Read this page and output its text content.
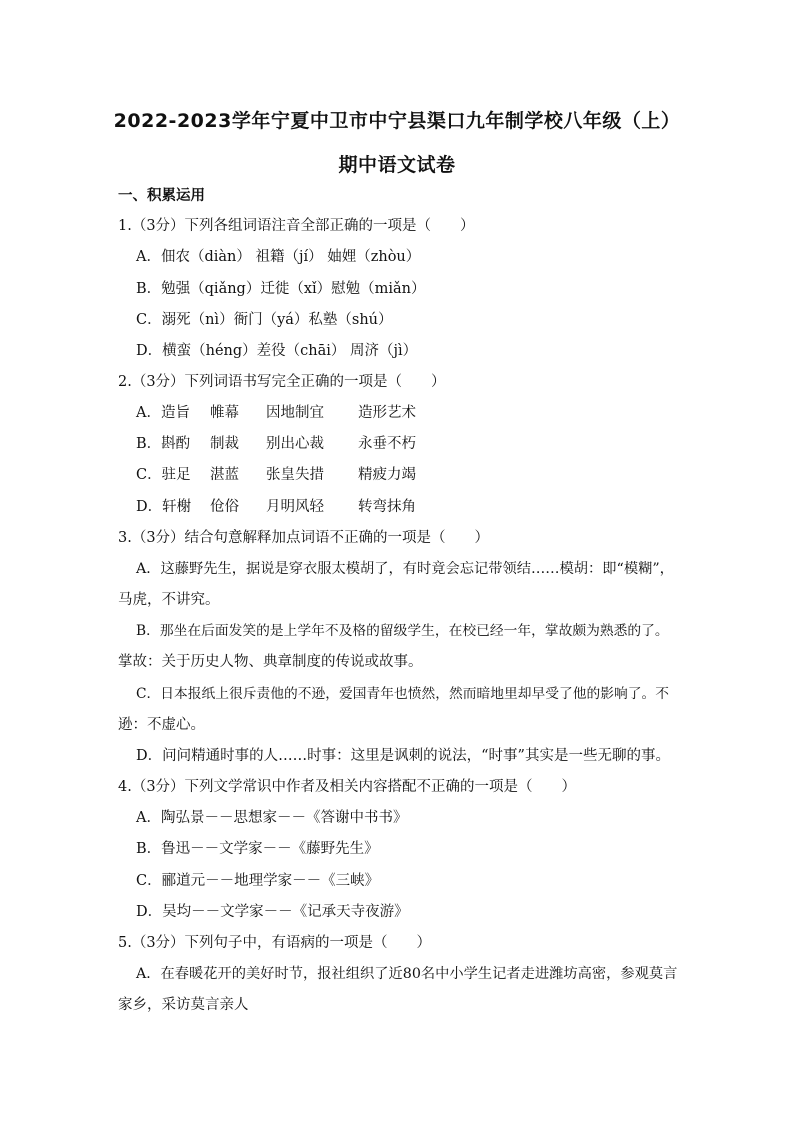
2022-2023学年宁夏中卫市中宁县渠口九年制学校八年级（上）
期中语文试卷
一、积累运用
1.（3分）下列各组词语注音全部正确的一项是（　　）
A．佃农（diàn） 祖籍（jí） 妯娌（zhòu）
B．勉强（qiǎng）迁徙（xǐ）慰勉（miǎn）
C．溺死（nì）衙门（yá）私塾（shú）
D．横蛮（héng）差役（chāi） 周济（jì）
2.（3分）下列词语书写完全正确的一项是（　　）
A．造旨 帷幕 因地制宜 造形艺术
B．斟酌 制裁 别出心裁 永垂不朽
C．驻足 湛蓝 张皇失措 精疲力竭
D．轩榭 伧俗 月明风轻 转弯抹角
3.（3分）结合句意解释加点词语不正确的一项是（　　）
A．这藤野先生，据说是穿衣服太模胡了，有时竟会忘记带领结……模胡：即“模糊”，
马虎，不讲究。
B．那坐在后面发笑的是上学年不及格的留级学生，在校已经一年，掌故颇为熟悉的了。
掌故：关于历史人物、典章制度的传说或故事。
C．日本报纸上很斥责他的不逊，爱国青年也愤然，然而暗地里却早受了他的影响了。不
逊：不虚心。
D．问问精通时事的人……时事：这里是讽刺的说法，“时事”其实是一些无聊的事。
4.（3分）下列文学常识中作者及相关内容搭配不正确的一项是（　　）
A．陶弘景－－思想家－－《答谢中书书》
B．鲁迅－－文学家－－《藤野先生》
C．郦道元－－地理学家－－《三峡》
D．吴均－－文学家－－《记承天寺夜游》
5.（3分）下列句子中，有语病的一项是（　　）
A．在春暖花开的美好时节，报社组织了近80名中小学生记者走进潍坊高密，参观莫言
家乡，采访莫言亲人
